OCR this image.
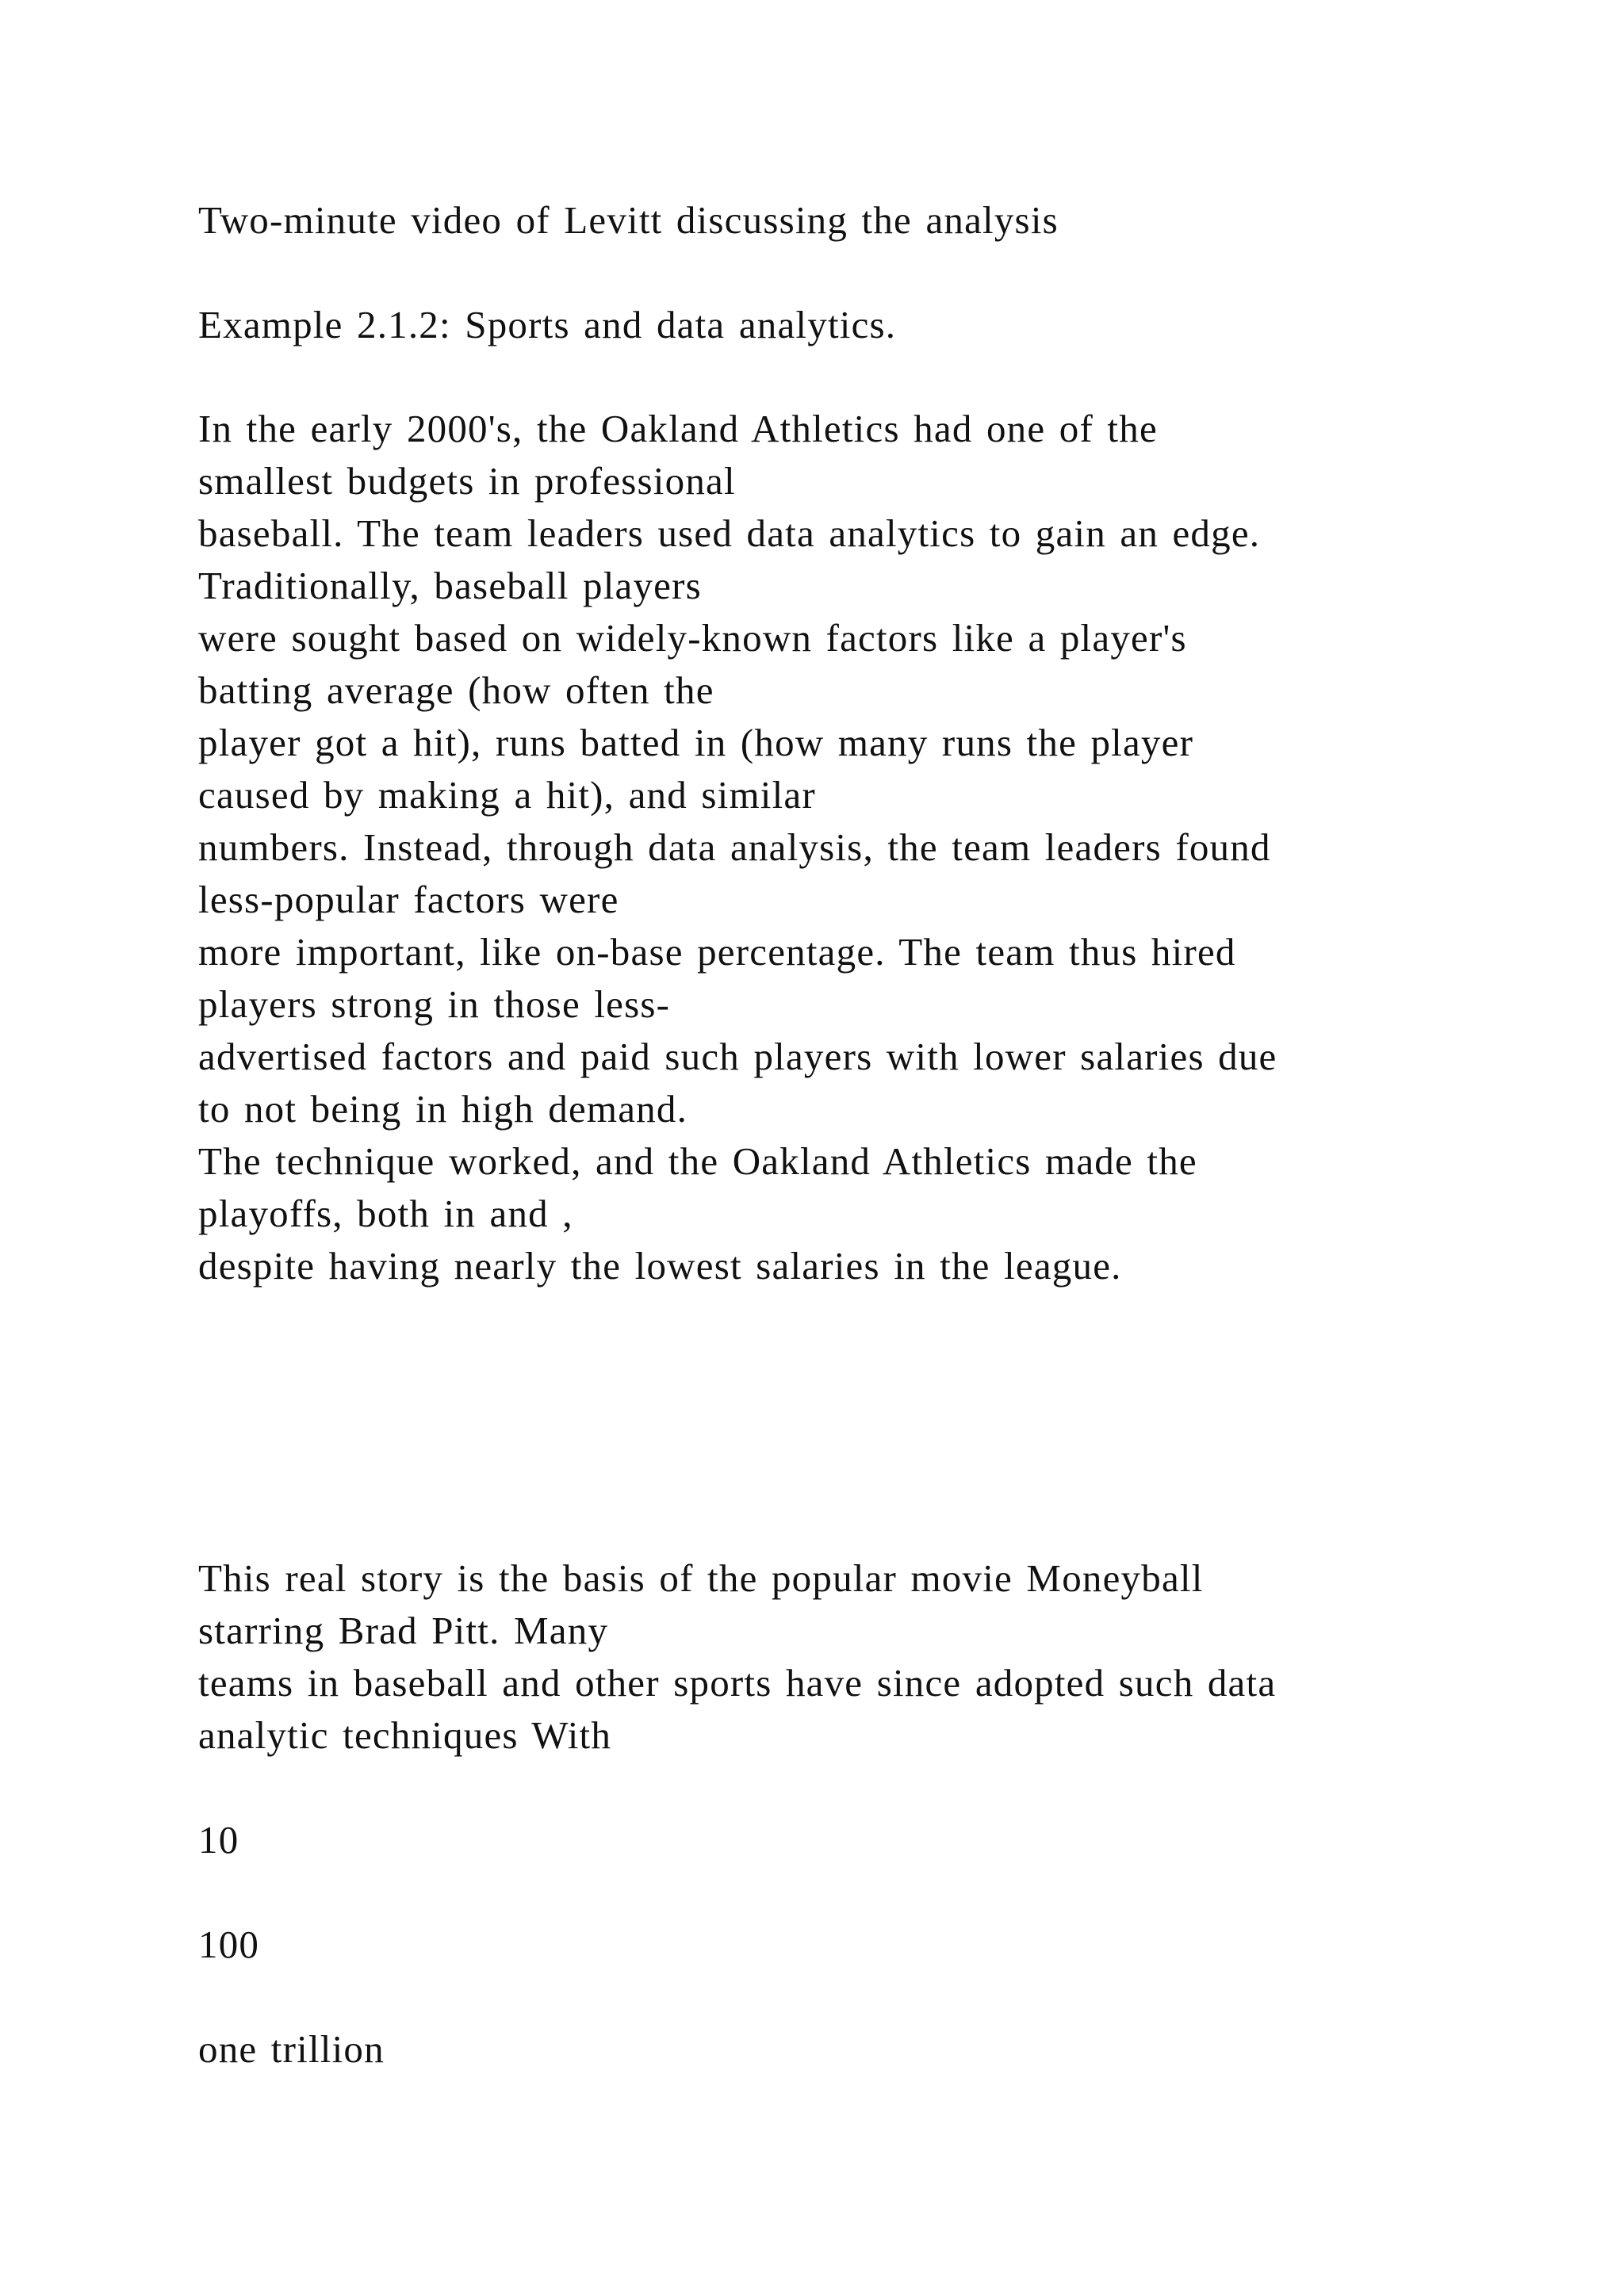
Two-minute video of Levitt discussing the analysis

Example 2.1.2: Sports and data analytics.

In the early 2000's, the Oakland Athletics had one of the

smallest budgets in professional

baseball. The team leaders used data analytics to gain an edge.

Traditionally, baseball players

were sought based on widely-known factors like a player's

batting average (how often the

player got a hit), runs batted in (how many runs the player

caused by making a hit), and similar

numbers. Instead, through data analysis, the team leaders found

less-popular factors were

more important, like on-base percentage. The team thus hired

players strong in those less-

advertised factors and paid such players with lower salaries due

to not being in high demand.

The technique worked, and the Oakland Athletics made the

playoffs, both in and ,

despite having nearly the lowest salaries in the league.

This real story is the basis of the popular movie Moneyball

starring Brad Pitt. Many

teams in baseball and other sports have since adopted such data

analytic techniques With

10

100

one trillion
